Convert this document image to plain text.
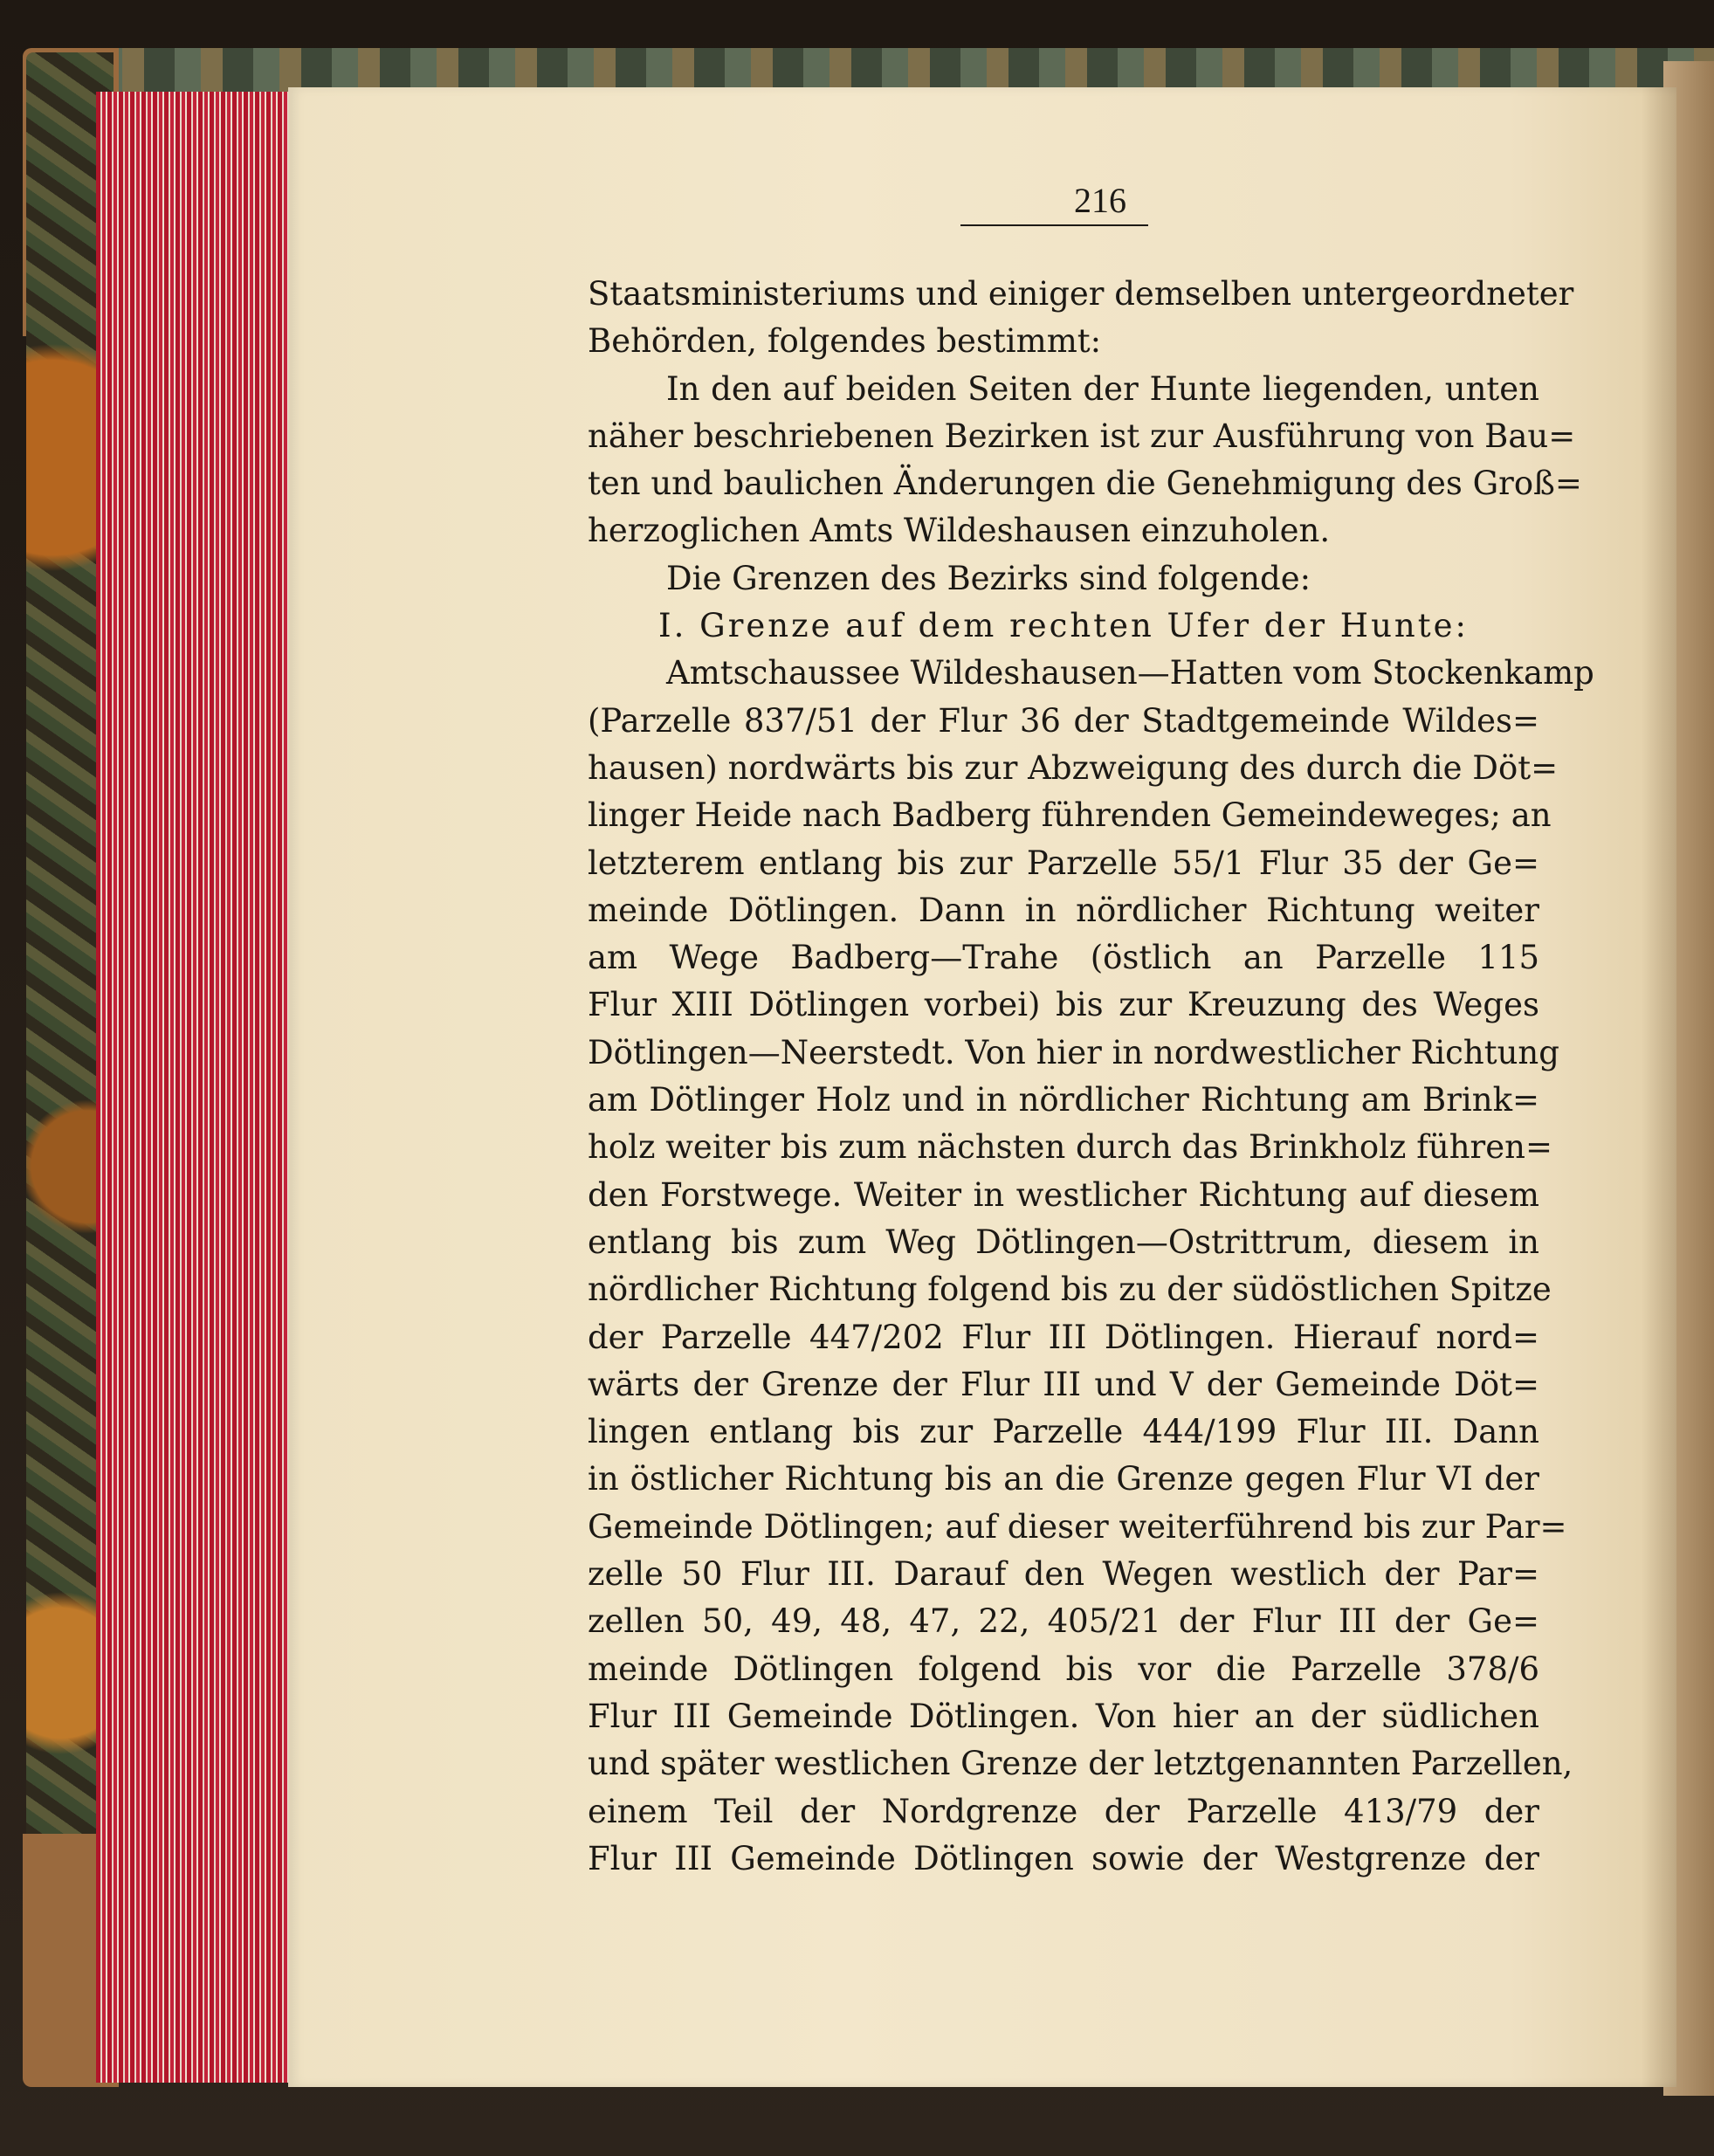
216
Staatsministeriums und einiger demselben untergeordneter
Behörden, folgendes bestimmt:
In den auf beiden Seiten der Hunte liegenden, unten
näher beschriebenen Bezirken ist zur Ausführung von Bau=
ten und baulichen Änderungen die Genehmigung des Groß=
herzoglichen Amts Wildeshausen einzuholen.
Die Grenzen des Bezirks sind folgende:
I. Grenze auf dem rechten Ufer der Hunte:
Amtschaussee Wildeshausen—Hatten vom Stockenkamp
(Parzelle 837/51 der Flur 36 der Stadtgemeinde Wildes=
hausen) nordwärts bis zur Abzweigung des durch die Döt=
linger Heide nach Badberg führenden Gemeindeweges; an
letzterem entlang bis zur Parzelle 55/1 Flur 35 der Ge=
meinde Dötlingen. Dann in nördlicher Richtung weiter
am Wege Badberg—Trahe (östlich an Parzelle 115
Flur XIII Dötlingen vorbei) bis zur Kreuzung des Weges
Dötlingen—Neerstedt. Von hier in nordwestlicher Richtung
am Dötlinger Holz und in nördlicher Richtung am Brink=
holz weiter bis zum nächsten durch das Brinkholz führen=
den Forstwege. Weiter in westlicher Richtung auf diesem
entlang bis zum Weg Dötlingen—Ostrittrum, diesem in
nördlicher Richtung folgend bis zu der südöstlichen Spitze
der Parzelle 447/202 Flur III Dötlingen. Hierauf nord=
wärts der Grenze der Flur III und V der Gemeinde Döt=
lingen entlang bis zur Parzelle 444/199 Flur III. Dann
in östlicher Richtung bis an die Grenze gegen Flur VI der
Gemeinde Dötlingen; auf dieser weiterführend bis zur Par=
zelle 50 Flur III. Darauf den Wegen westlich der Par=
zellen 50, 49, 48, 47, 22, 405/21 der Flur III der Ge=
meinde Dötlingen folgend bis vor die Parzelle 378/6
Flur III Gemeinde Dötlingen. Von hier an der südlichen
und später westlichen Grenze der letztgenannten Parzellen,
einem Teil der Nordgrenze der Parzelle 413/79 der
Flur III Gemeinde Dötlingen sowie der Westgrenze der
